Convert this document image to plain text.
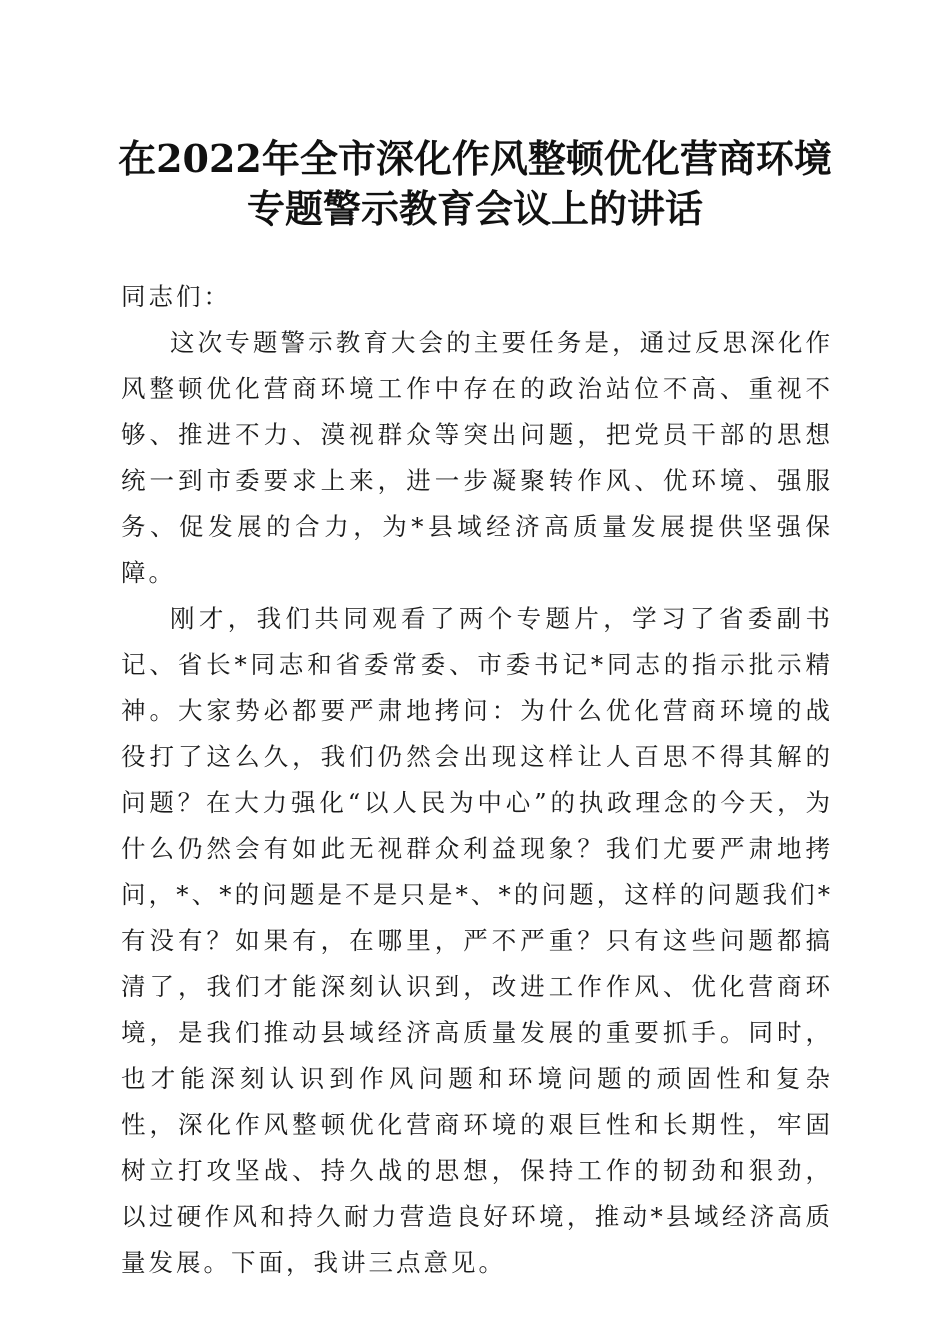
在2022年全市深化作风整顿优化营商环境专题警示教育会议上的讲话

同志们：

这次专题警示教育大会的主要任务是，通过反思深化作风整顿优化营商环境工作中存在的政治站位不高、重视不够、推进不力、漠视群众等突出问题，把党员干部的思想统一到市委要求上来，进一步凝聚转作风、优环境、强服务、促发展的合力，为*县域经济高质量发展提供坚强保障。

刚才，我们共同观看了两个专题片，学习了省委副书记、省长*同志和省委常委、市委书记*同志的指示批示精神。大家势必都要严肃地拷问：为什么优化营商环境的战役打了这么久，我们仍然会出现这样让人百思不得其解的问题？在大力强化“以人民为中心”的执政理念的今天，为什么仍然会有如此无视群众利益现象？我们尤要严肃地拷问，*、*的问题是不是只是*、*的问题，这样的问题我们*有没有？如果有，在哪里，严不严重？只有这些问题都搞清了，我们才能深刻认识到，改进工作作风、优化营商环境，是我们推动县域经济高质量发展的重要抓手。同时，也才能深刻认识到作风问题和环境问题的顽固性和复杂性，深化作风整顿优化营商环境的艰巨性和长期性，牢固树立打攻坚战、持久战的思想，保持工作的韧劲和狠劲，以过硬作风和持久耐力营造良好环境，推动*县域经济高质量发展。下面，我讲三点意见。
